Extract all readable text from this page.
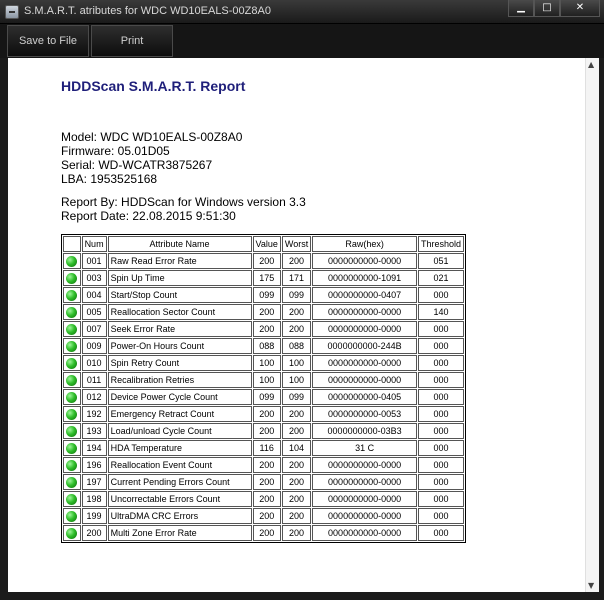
S.M.A.R.T. atributes for WDC WD10EALS-00Z8A0	▁	□	✕
Save to File	Print
HDDScan S.M.A.R.T. Report
Model: WDC WD10EALS-00Z8A0
Firmware: 05.01D05
Serial: WD-WCATR3875267
LBA: 1953525168
Report By: HDDScan for Windows version 3.3
Report Date: 22.08.2015 9:51:30
	Num	Attribute Name	Value	Worst	Raw(hex)	Threshold
	001	Raw Read Error Rate	200	200	0000000000-0000	051
	003	Spin Up Time	175	171	0000000000-1091	021
	004	Start/Stop Count	099	099	0000000000-0407	000
	005	Reallocation Sector Count	200	200	0000000000-0000	140
	007	Seek Error Rate	200	200	0000000000-0000	000
	009	Power-On Hours Count	088	088	0000000000-244B	000
	010	Spin Retry Count	100	100	0000000000-0000	000
	011	Recalibration Retries	100	100	0000000000-0000	000
	012	Device Power Cycle Count	099	099	0000000000-0405	000
	192	Emergency Retract Count	200	200	0000000000-0053	000
	193	Load/unload Cycle Count	200	200	0000000000-03B3	000
	194	HDA Temperature	116	104	31 C	000
	196	Reallocation Event Count	200	200	0000000000-0000	000
	197	Current Pending Errors Count	200	200	0000000000-0000	000
	198	Uncorrectable Errors Count	200	200	0000000000-0000	000
	199	UltraDMA CRC Errors	200	200	0000000000-0000	000
	200	Multi Zone Error Rate	200	200	0000000000-0000	000
▲
▼
